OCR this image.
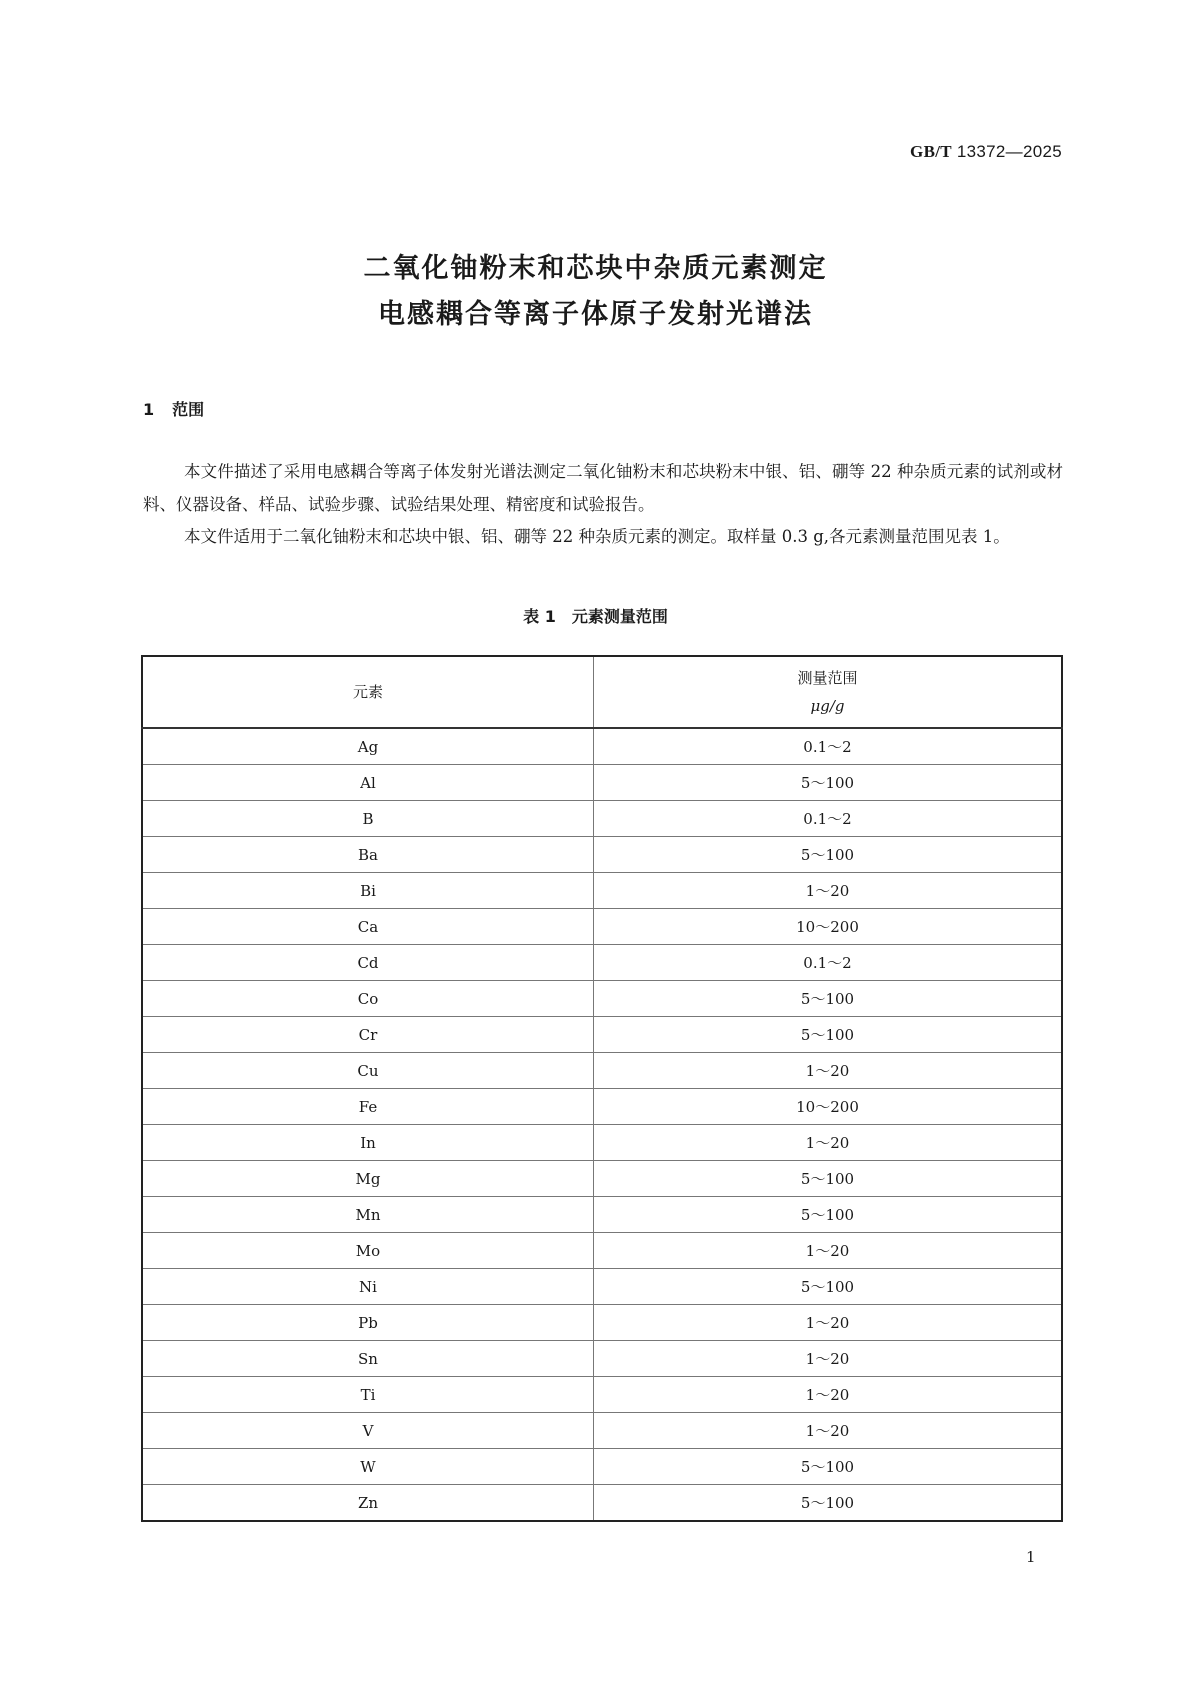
GB/T 13372—2025
二氧化铀粉末和芯块中杂质元素测定
电感耦合等离子体原子发射光谱法
1 范围
本文件描述了采用电感耦合等离子体发射光谱法测定二氧化铀粉末和芯块粉末中银、铝、硼等 22 种杂质元素的试剂或材料、仪器设备、样品、试验步骤、试验结果处理、精密度和试验报告。
本文件适用于二氧化铀粉末和芯块中银、铝、硼等 22 种杂质元素的测定。取样量 0.3 g,各元素测量范围见表 1。
表 1　元素测量范围
元素	测量范围
μg/g
Ag	0.1～2
Al	5～100
B	0.1～2
Ba	5～100
Bi	1～20
Ca	10～200
Cd	0.1～2
Co	5～100
Cr	5～100
Cu	1～20
Fe	10～200
In	1～20
Mg	5～100
Mn	5～100
Mo	1～20
Ni	5～100
Pb	1～20
Sn	1～20
Ti	1～20
V	1～20
W	5～100
Zn	5～100
1
